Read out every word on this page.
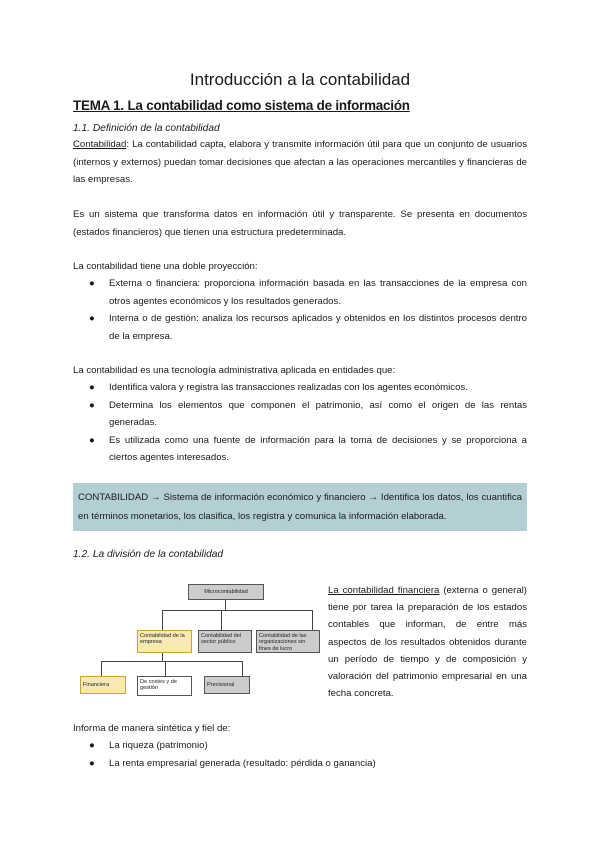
Introducción a la contabilidad
TEMA 1. La contabilidad como sistema de información
1.1. Definición de la contabilidad
Contabilidad: La contabilidad capta, elabora y transmite información útil para que un conjunto de usuarios (internos y externos) puedan tomar decisiones que afectan a las operaciones mercantiles y financieras de las empresas.
Es un sistema que transforma datos en información útil y transparente. Se presenta en documentos (estados financieros) que tienen una estructura predeterminada.
La contabilidad tiene una doble proyección:
● Externa o financiera: proporciona información basada en las transacciones de la empresa con otros agentes económicos y los resultados generados.
● Interna o de gestión: analiza los recursos aplicados y obtenidos en los distintos procesos dentro de la empresa.
La contabilidad es una tecnología administrativa aplicada en entidades que:
● Identifica valora y registra las transacciones realizadas con los agentes económicos.
● Determina los elementos que componen el patrimonio, así como el origen de las rentas generadas.
● Es utilizada como una fuente de información para la toma de decisiones y se proporciona a ciertos agentes interesados.
CONTABILIDAD → Sistema de información económico y financiero → Identifica los datos, los cuantifica en términos monetarios, los clasifica, los registra y comunica la información elaborada.
1.2. La división de la contabilidad
Microcontabilidad
Contabilidad de la empresa
Contabilidad del sector público
Contabilidad de las organizaciones sin fines de lucro
Financiera	De costes y de gestión
Previsional
La contabilidad financiera (externa o general) tiene por tarea la preparación de los estados contables que informan, de entre más aspectos de los resultados obtenidos durante un período de tiempo y de composición y valoración del patrimonio empresarial en una fecha concreta.
Informa de manera sintética y fiel de:
● La riqueza (patrimonio)
● La renta empresarial generada (resultado: pérdida o ganancia)
